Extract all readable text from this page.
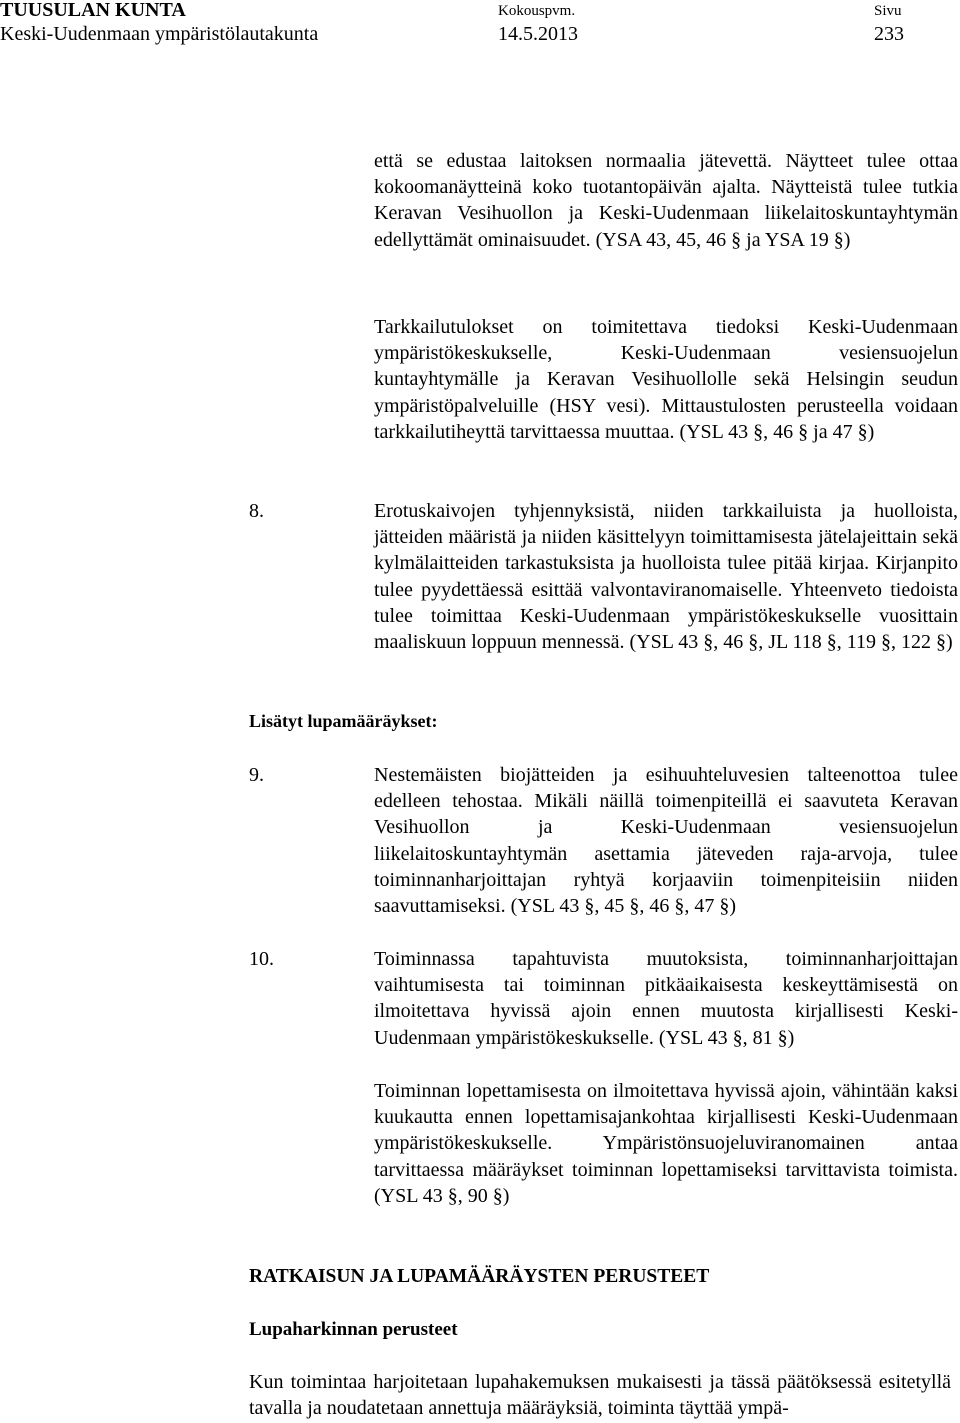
TUUSULAN KUNTA
Keski-Uudenmaan ympäristölautakunta
Kokouspvm.
14.5.2013
Sivu
233

että se edustaa laitoksen normaalia jätevettä. Näytteet tulee ottaa kokoomanäytteinä koko tuotantopäivän ajalta. Näytteistä tulee tutkia Keravan Vesihuollon ja Keski-Uudenmaan liikelaitoskuntayhtymän edellyttämät ominaisuudet. (YSA 43, 45, 46 § ja YSA 19 §)

Tarkkailutulokset on toimitettava tiedoksi Keski-Uudenmaan ympäristökeskukselle, Keski-Uudenmaan vesiensuojelun kuntayhtymälle ja Keravan Vesihuollolle sekä Helsingin seudun ympäristöpalveluille (HSY vesi). Mittaustulosten perusteella voidaan tarkkailutiheyttä tarvittaessa muuttaa. (YSL 43 §, 46 § ja 47 §)

8.	Erotuskaivojen tyhjennyksistä, niiden tarkkailuista ja huolloista, jätteiden määristä ja niiden käsittelyyn toimittamisesta jätelajeittain sekä kylmälaitteiden tarkastuksista ja huolloista tulee pitää kirjaa. Kirjanpito tulee pyydettäessä esittää valvontaviranomaiselle. Yhteenveto tiedoista tulee toimittaa Keski-Uudenmaan ympäristökeskukselle vuosittain maaliskuun loppuun mennessä. (YSL 43 §, 46 §, JL 118 §, 119 §, 122 §)

Lisätyt lupamääräykset:
9.	Nestemäisten biojätteiden ja esihuuhteluvesien talteenottoa tulee edelleen tehostaa. Mikäli näillä toimenpiteillä ei saavuteta Keravan Vesihuollon ja Keski-Uudenmaan vesiensuojelun liikelaitoskuntayhtymän asettamia jäteveden raja-arvoja, tulee toiminnanharjoittajan ryhtyä korjaaviin toimenpiteisiin niiden saavuttamiseksi. (YSL 43 §, 45 §, 46 §, 47 §)

10.	Toiminnassa tapahtuvista muutoksista, toiminnanharjoittajan vaihtumisesta tai toiminnan pitkäaikaisesta keskeyttämisestä on ilmoitettava hyvissä ajoin ennen muutosta kirjallisesti Keski-Uudenmaan ympäristökeskukselle. (YSL 43 §, 81 §)

Toiminnan lopettamisesta on ilmoitettava hyvissä ajoin, vähintään kaksi kuukautta ennen lopettamisajankohtaa kirjallisesti Keski-Uudenmaan ympäristökeskukselle. Ympäristönsuojeluviranomainen antaa tarvittaessa määräykset toiminnan lopettamiseksi tarvittavista toimista. (YSL 43 §, 90 §)

RATKAISUN JA LUPAMÄÄRÄYSTEN PERUSTEET
Lupaharkinnan perusteet

Kun toimintaa harjoitetaan lupahakemuksen mukaisesti ja tässä päätöksessä esitetyllä tavalla ja noudatetaan annettuja määräyksiä, toiminta täyttää ympä-
